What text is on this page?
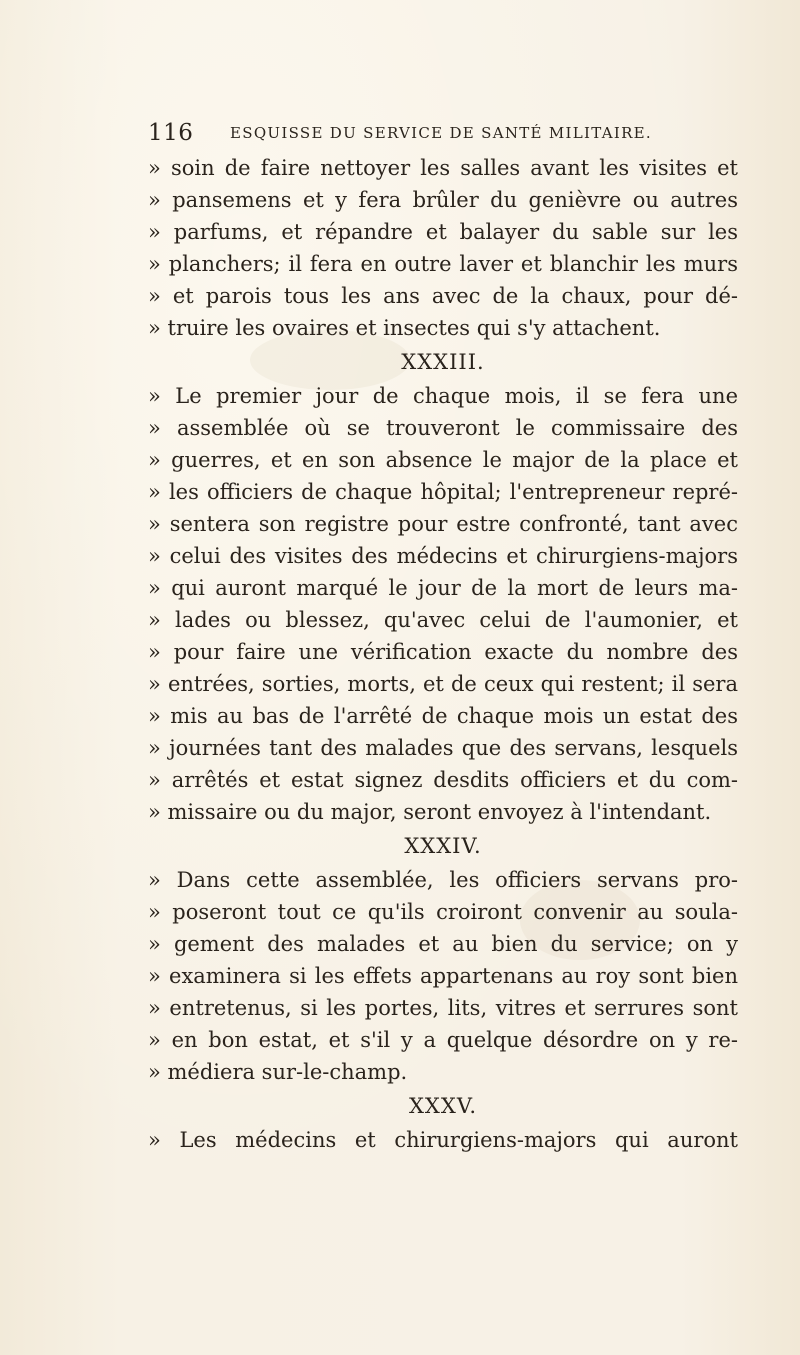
116 ESQUISSE DU SERVICE DE SANTÉ MILITAIRE.
» soin de faire nettoyer les salles avant les visites et
» pansemens et y fera brûler du genièvre ou autres
» parfums, et répandre et balayer du sable sur les
» planchers; il fera en outre laver et blanchir les murs
» et parois tous les ans avec de la chaux, pour dé-
» truire les ovaires et insectes qui s'y attachent.
XXXIII.
» Le premier jour de chaque mois, il se fera une
» assemblée où se trouveront le commissaire des
» guerres, et en son absence le major de la place et
» les officiers de chaque hôpital; l'entrepreneur repré-
» sentera son registre pour estre confronté, tant avec
» celui des visites des médecins et chirurgiens-majors
» qui auront marqué le jour de la mort de leurs ma-
» lades ou blessez, qu'avec celui de l'aumonier, et
» pour faire une vérification exacte du nombre des
» entrées, sorties, morts, et de ceux qui restent; il sera
» mis au bas de l'arrêté de chaque mois un estat des
» journées tant des malades que des servans, lesquels
» arrêtés et estat signez desdits officiers et du com-
» missaire ou du major, seront envoyez à l'intendant.
XXXIV.
» Dans cette assemblée, les officiers servans pro-
» poseront tout ce qu'ils croiront convenir au soula-
» gement des malades et au bien du service; on y
» examinera si les effets appartenans au roy sont bien
» entretenus, si les portes, lits, vitres et serrures sont
» en bon estat, et s'il y a quelque désordre on y re-
» médiera sur-le-champ.
XXXV.
» Les médecins et chirurgiens-majors qui auront
